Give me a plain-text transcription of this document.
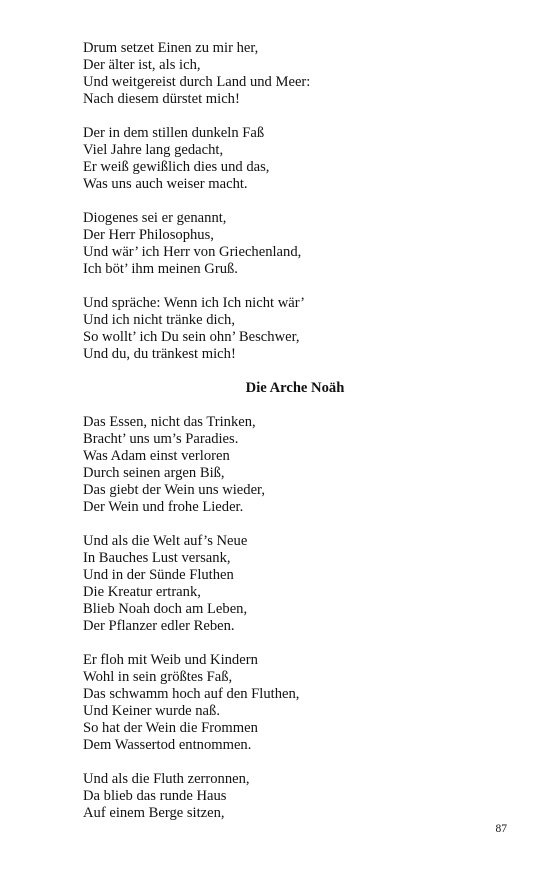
Drum setzet Einen zu mir her,
Der älter ist, als ich,
Und weitgereist durch Land und Meer:
Nach diesem dürstet mich!
Der in dem stillen dunkeln Faß
Viel Jahre lang gedacht,
Er weiß gewißlich dies und das,
Was uns auch weiser macht.
Diogenes sei er genannt,
Der Herr Philosophus,
Und wär’ ich Herr von Griechenland,
Ich böt’ ihm meinen Gruß.
Und spräche: Wenn ich Ich nicht wär’
Und ich nicht tränke dich,
So wollt’ ich Du sein ohn’ Beschwer,
Und du, du tränkest mich!
Die Arche Noäh
Das Essen, nicht das Trinken,
Bracht’ uns um’s Paradies.
Was Adam einst verloren
Durch seinen argen Biß,
Das giebt der Wein uns wieder,
Der Wein und frohe Lieder.
Und als die Welt auf’s Neue
In Bauches Lust versank,
Und in der Sünde Fluthen
Die Kreatur ertrank,
Blieb Noah doch am Leben,
Der Pflanzer edler Reben.
Er floh mit Weib und Kindern
Wohl in sein größtes Faß,
Das schwamm hoch auf den Fluthen,
Und Keiner wurde naß.
So hat der Wein die Frommen
Dem Wassertod entnommen.
Und als die Fluth zerronnen,
Da blieb das runde Haus
Auf einem Berge sitzen,
87
